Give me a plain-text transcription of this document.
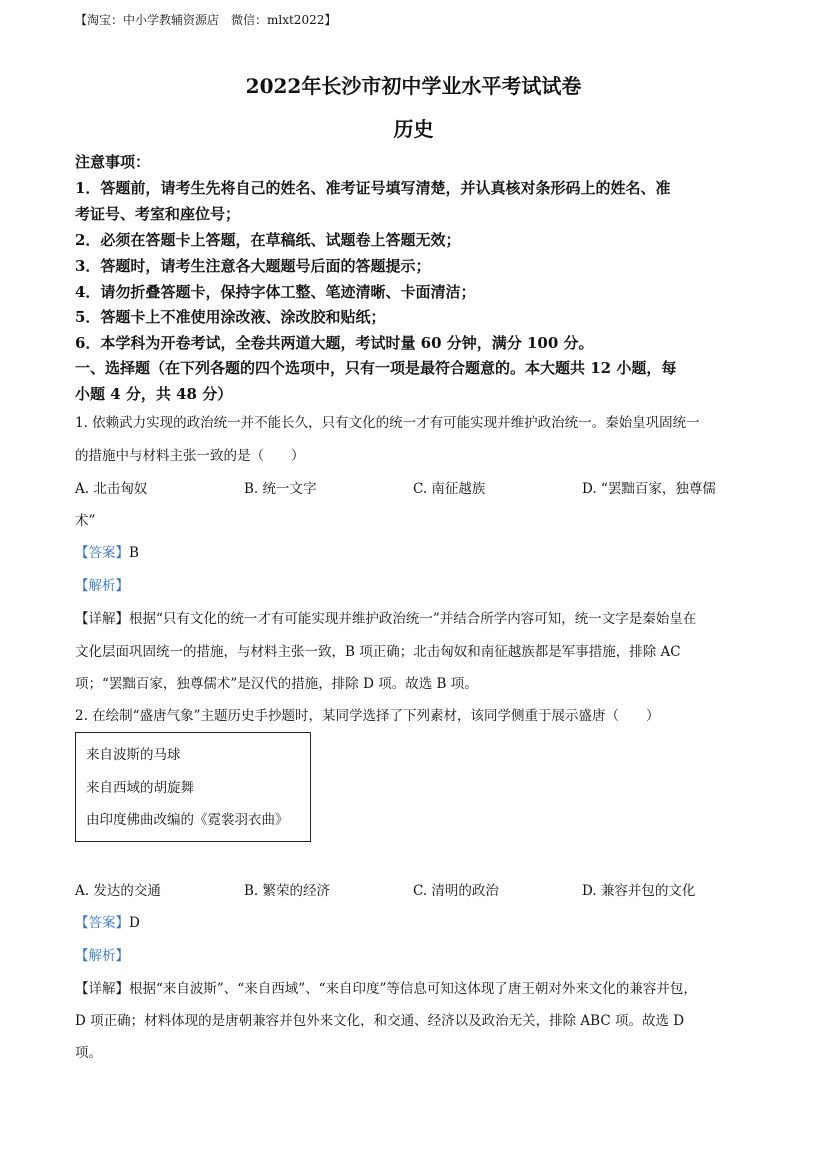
【淘宝：中小学教辅资源店　微信：mlxt2022】
2022年长沙市初中学业水平考试试卷
历史
注意事项：
1．答题前，请考生先将自己的姓名、准考证号填写清楚，并认真核对条形码上的姓名、准
考证号、考室和座位号；
2．必须在答题卡上答题，在草稿纸、试题卷上答题无效；
3．答题时，请考生注意各大题题号后面的答题提示；
4．请勿折叠答题卡，保持字体工整、笔迹清晰、卡面清洁；
5．答题卡上不准使用涂改液、涂改胶和贴纸；
6．本学科为开卷考试，全卷共两道大题，考试时量 60 分钟，满分 100 分。
一、选择题（在下列各题的四个选项中，只有一项是最符合题意的。本大题共 12 小题，每
小题 4 分，共 48 分）
1. 依赖武力实现的政治统一并不能长久，只有文化的统一才有可能实现并维护政治统一。秦始皇巩固统一
的措施中与材料主张一致的是（　　）
A. 北击匈奴	B. 统一文字	C. 南征越族	D. “罢黜百家，独尊儒
术”
【答案】B
【解析】
【详解】根据“只有文化的统一才有可能实现并维护政治统一”并结合所学内容可知，统一文字是秦始皇在
文化层面巩固统一的措施，与材料主张一致，B 项正确；北击匈奴和南征越族都是军事措施，排除 AC
项；“罢黜百家，独尊儒术”是汉代的措施，排除 D 项。故选 B 项。
2. 在绘制“盛唐气象”主题历史手抄题时，某同学选择了下列素材，该同学侧重于展示盛唐（　　）
来自波斯的马球
来自西域的胡旋舞
由印度佛曲改编的《霓裳羽衣曲》
A. 发达的交通	B. 繁荣的经济	C. 清明的政治	D. 兼容并包的文化
【答案】D
【解析】
【详解】根据“来自波斯”、“来自西域”、“来自印度”等信息可知这体现了唐王朝对外来文化的兼容并包，
D 项正确；材料体现的是唐朝兼容并包外来文化，和交通、经济以及政治无关，排除 ABC 项。故选 D
项。
